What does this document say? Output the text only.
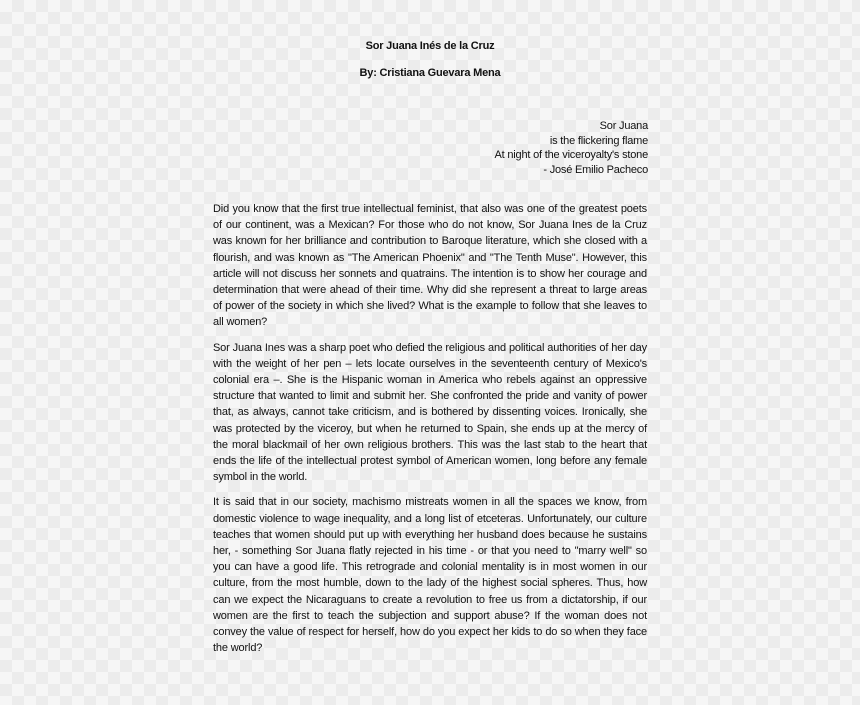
Sor Juana Inés de la Cruz
By: Cristiana Guevara Mena
Sor Juana
is the flickering flame
At night of the viceroyalty's stone
- José Emilio Pacheco

Did you know that the first true intellectual feminist, that also was one of the greatest poets of our continent, was a Mexican? For those who do not know, Sor Juana Ines de la Cruz was known for her brilliance and contribution to Baroque literature, which she closed with a flourish, and was known as "The American Phoenix" and "The Tenth Muse". However, this article will not discuss her sonnets and quatrains. The intention is to show her courage and determination that were ahead of their time. Why did she represent a threat to large areas of power of the society in which she lived? What is the example to follow that she leaves to all women?

Sor Juana Ines was a sharp poet who defied the religious and political authorities of her day with the weight of her pen – lets locate ourselves in the seventeenth century of Mexico's colonial era –. She is the Hispanic woman in America who rebels against an oppressive structure that wanted to limit and submit her. She confronted the pride and vanity of power that, as always, cannot take criticism, and is bothered by dissenting voices. Ironically, she was protected by the viceroy, but when he returned to Spain, she ends up at the mercy of the moral blackmail of her own religious brothers. This was the last stab to the heart that ends the life of the intellectual protest symbol of American women, long before any female symbol in the world.

It is said that in our society, machismo mistreats women in all the spaces we know, from domestic violence to wage inequality, and a long list of etceteras. Unfortunately, our culture teaches that women should put up with everything her husband does because he sustains her, - something Sor Juana flatly rejected in his time - or that you need to "marry well" so you can have a good life. This retrograde and colonial mentality is in most women in our culture, from the most humble, down to the lady of the highest social spheres. Thus, how can we expect the Nicaraguans to create a revolution to free us from a dictatorship, if our women are the first to teach the subjection and support abuse? If the woman does not convey the value of respect for herself, how do you expect her kids to do so when they face the world?
